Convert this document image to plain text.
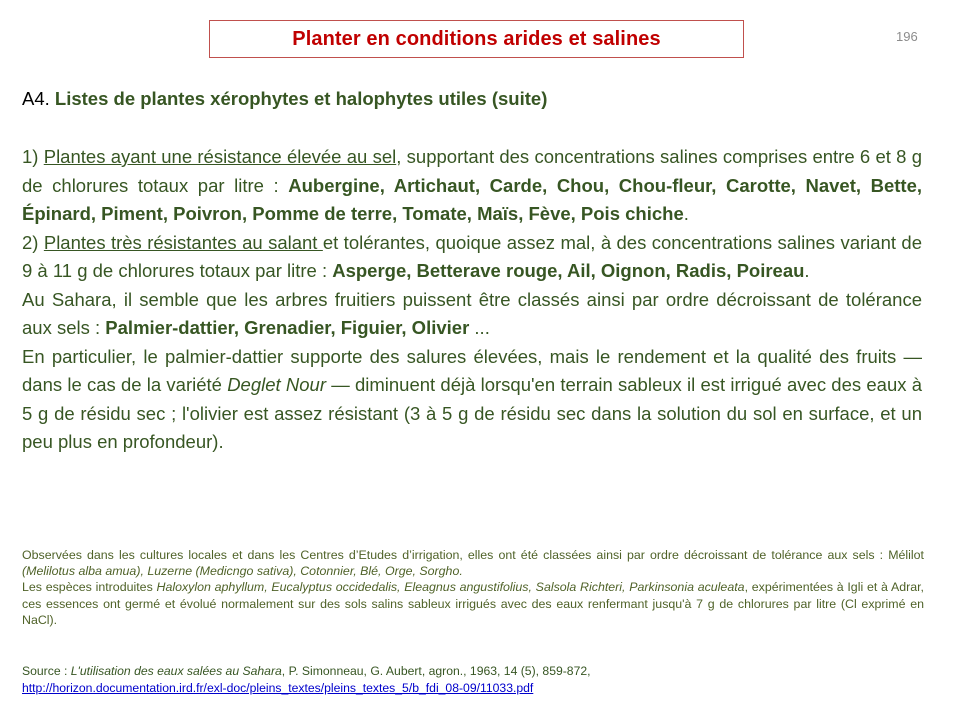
Planter en conditions arides et salines	196
A4. Listes de plantes xérophytes et halophytes utiles (suite)

1) Plantes ayant une résistance élevée au sel, supportant des concentrations salines comprises entre 6 et 8 g de chlorures totaux par litre : Aubergine, Artichaut, Carde, Chou, Chou-fleur, Carotte, Navet, Bette, Épinard, Piment, Poivron, Pomme de terre, Tomate, Maïs, Fève, Pois chiche.

2) Plantes très résistantes au salant et tolérantes, quoique assez mal, à des concentrations salines variant de 9 à 11 g de chlorures totaux par litre : Asperge, Betterave rouge, Ail, Oignon, Radis, Poireau.

Au Sahara, il semble que les arbres fruitiers puissent être classés ainsi par ordre décroissant de tolérance aux sels : Palmier-dattier, Grenadier, Figuier, Olivier ...

En particulier, le palmier-dattier supporte des salures élevées, mais le rendement et la qualité des fruits — dans le cas de la variété Deglet Nour — diminuent déjà lorsqu'en terrain sableux il est irrigué avec des eaux à 5 g de résidu sec ; l'olivier est assez résistant (3 à 5 g de résidu sec dans la solution du sol en surface, et un peu plus en profondeur).

Observées dans les cultures locales et dans les Centres d’Etudes d’irrigation, elles ont été classées ainsi par ordre décroissant de tolérance aux sels : Mélilot (Melilotus alba amua), Luzerne (Medicngo sativa), Cotonnier, Blé, Orge, Sorgho.

Les espèces introduites Haloxylon aphyllum, Eucalyptus occidedalis, Eleagnus angustifolius, Salsola Richteri, Parkinsonia aculeata, expérimentées à Igli et à Adrar, ces essences ont germé et évolué normalement sur des sols salins sableux irrigués avec des eaux renfermant jusqu'à 7 g de chlorures par litre (Cl exprimé en NaCl).

Source : L'utilisation des eaux salées au Sahara, P. Simonneau, G. Aubert, agron., 1963, 14 (5), 859-872,

http://horizon.documentation.ird.fr/exl-doc/pleins_textes/pleins_textes_5/b_fdi_08-09/11033.pdf
